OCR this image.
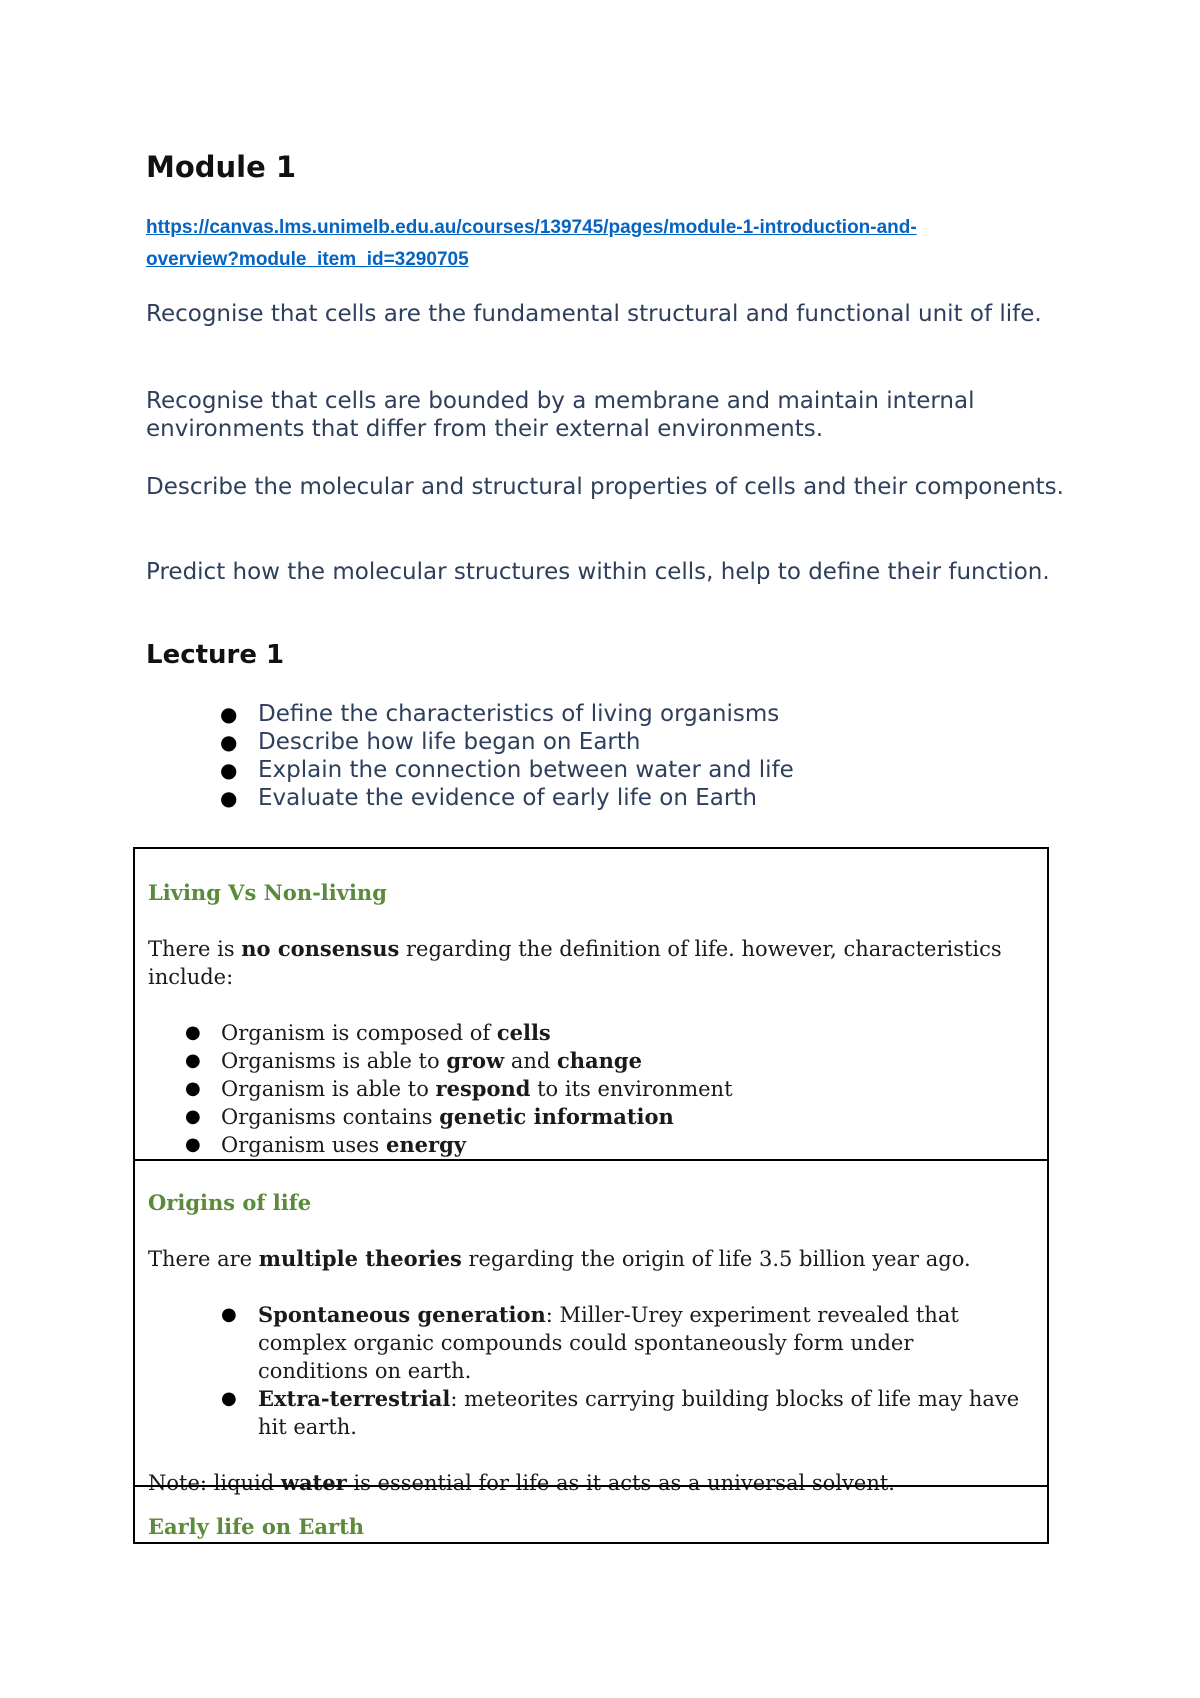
Module 1
https://canvas.lms.unimelb.edu.au/courses/139745/pages/module-1-introduction-and-
overview?module_item_id=3290705

Recognise that cells are the fundamental structural and functional unit of life.

Recognise that cells are bounded by a membrane and maintain internal environments that differ from their external environments.

Describe the molecular and structural properties of cells and their components.

Predict how the molecular structures within cells, help to define their function.

Lecture 1
● Define the characteristics of living organisms
● Describe how life began on Earth
● Explain the connection between water and life
● Evaluate the evidence of early life on Earth

Living Vs Non-living

There is no consensus regarding the definition of life. however, characteristics include:

● Organism is composed of cells
● Organisms is able to grow and change
● Organism is able to respond to its environment
● Organisms contains genetic information
● Organism uses energy

Origins of life

There are multiple theories regarding the origin of life 3.5 billion year ago.

● Spontaneous generation: Miller-Urey experiment revealed that complex organic compounds could spontaneously form under conditions on earth.
● Extra-terrestrial: meteorites carrying building blocks of life may have hit earth.

Note: liquid water is essential for life as it acts as a universal solvent.

Early life on Earth
